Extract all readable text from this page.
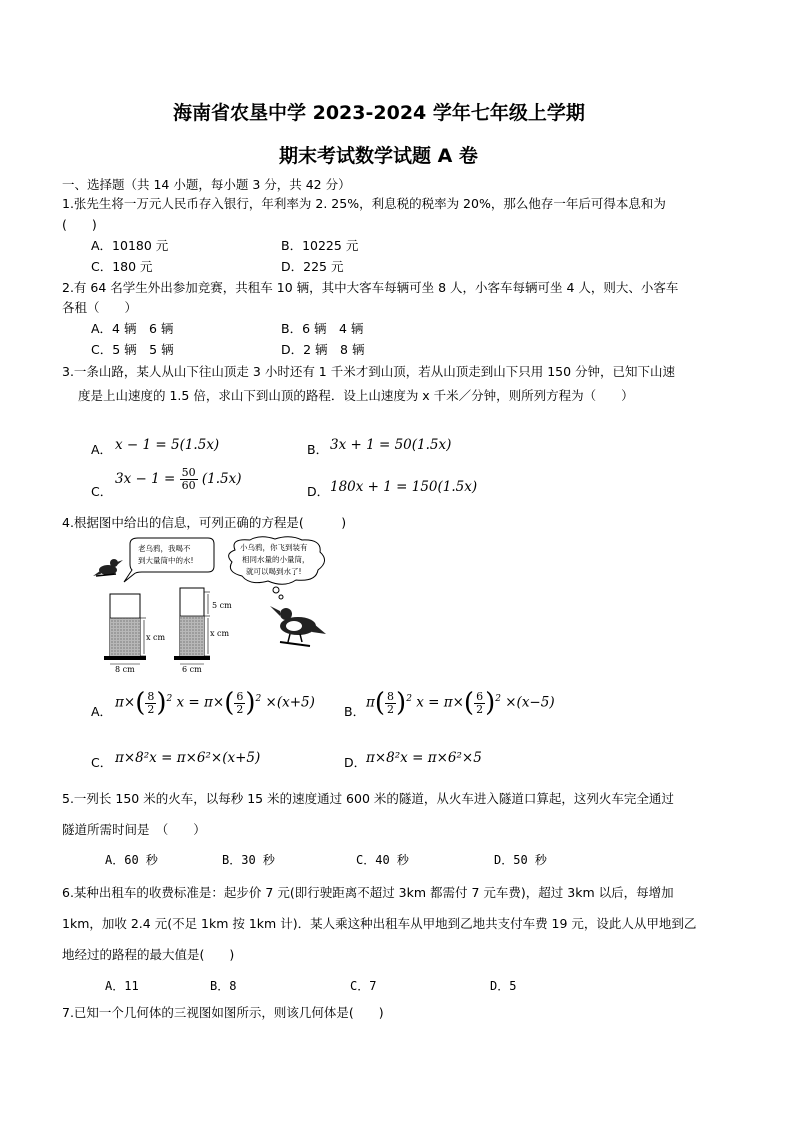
海南省农垦中学 2023-2024 学年七年级上学期
期末考试数学试题 A 卷
一、选择题（共 14 小题，每小题 3 分，共 42 分）
1.张先生将一万元人民币存入银行，年利率为 2. 25%，利息税的税率为 20%，那么他存一年后可得本息和为
(　　)
A．10180 元	B．10225 元
C．180 元	D．225 元
2.有 64 名学生外出参加竞赛，共租车 10 辆，其中大客车每辆可坐 8 人，小客车每辆可坐 4 人，则大、小客车
各租（　　）
A．4 辆　6 辆	B．6 辆　4 辆
C．5 辆　5 辆	D．2 辆　8 辆
3.一条山路，某人从山下往山顶走 3 小时还有 1 千米才到山顶，若从山顶走到山下只用 150 分钟，已知下山速
度是上山速度的 1.5 倍，求山下到山顶的路程．设上山速度为 x 千米／分钟，则所列方程为（　　）
A． x − 1 = 5(1.5x)	B． 3x + 1 = 50(1.5x)
C．
$3x - 1 = \frac{50}{60} (1.5x)$
D． 180x + 1 = 150(1.5x)
4.根据图中给出的信息，可列正确的方程是(　　　)
老乌鸦，我喝不
到大量筒中的水!
小乌鸦，你飞到装有
相同水量的小量筒，
就可以喝到水了!
x cm
5 cm
x cm
8 cm	6 cm
A．
$\pi\times( \frac{8}{2} )^2$ $x = \pi\times( \frac{6}{2} )^2 \times(x+5)$
B．
$\pi( \frac{8}{2} )^2$ $x = \pi\times( \frac{6}{2} )^2 \times(x-5)$
C． π×8²x = π×6²×(x+5)	D． π×8²x = π×6²×5
5.一列长 150 米的火车，以每秒 15 米的速度通过 600 米的隧道，从火车进入隧道口算起，这列火车完全通过
隧道所需时间是　（　　）
A．60 秒	B．30 秒	C．40 秒	D．50 秒
6.某种出租车的收费标准是：起步价 7 元(即行驶距离不超过 3km 都需付 7 元车费)，超过 3km 以后，每增加
1km，加收 2.4 元(不足 1km 按 1km 计)．某人乘这种出租车从甲地到乙地共支付车费 19 元，设此人从甲地到乙
地经过的路程的最大值是(　　)
A．11	B．8	C．7	D．5
7.已知一个几何体的三视图如图所示，则该几何体是(　　)
